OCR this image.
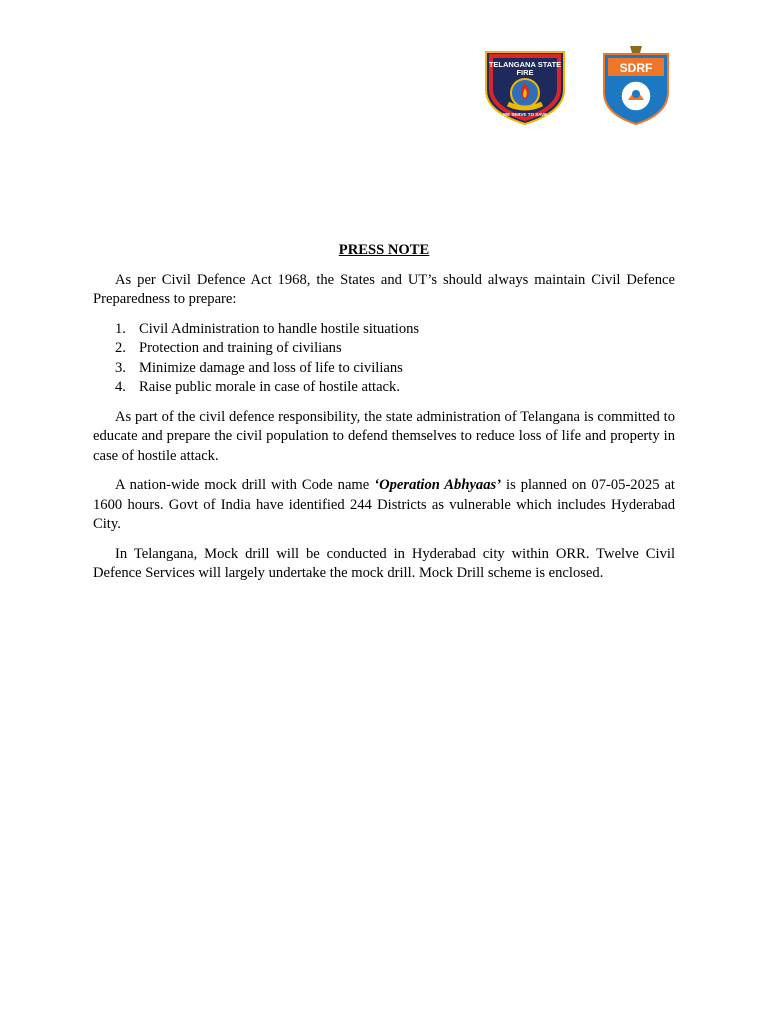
TELANGANA STATE
FIRE
WE SERVE TO SAVE
SDRF
PRESS NOTE

As per Civil Defence Act 1968, the States and UT’s should always maintain Civil Defence Preparedness to prepare:

1. Civil Administration to handle hostile situations
2. Protection and training of civilians
3. Minimize damage and loss of life to civilians
4. Raise public morale in case of hostile attack.

As part of the civil defence responsibility, the state administration of Telangana is committed to educate and prepare the civil population to defend themselves to reduce loss of life and property in case of hostile attack.

A nation-wide mock drill with Code name ‘Operation Abhyaas’ is planned on 07-05-2025 at 1600 hours. Govt of India have identified 244 Districts as vulnerable which includes Hyderabad City.

In Telangana, Mock drill will be conducted in Hyderabad city within ORR. Twelve Civil Defence Services will largely undertake the mock drill. Mock Drill scheme is enclosed.
